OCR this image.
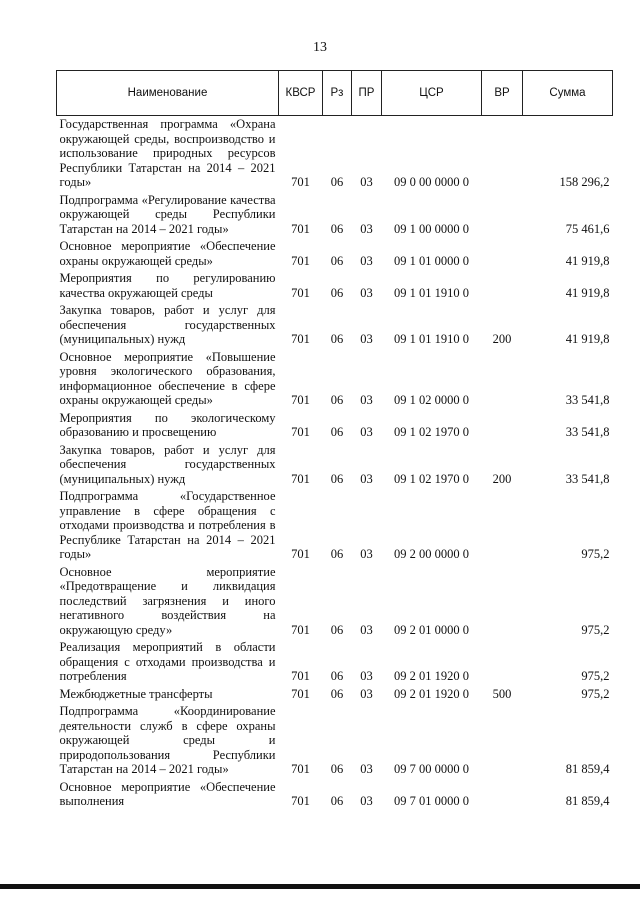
13
Наименование	КВСР	Рз	ПР	ЦСР	ВР	Сумма
Государственная программа «Охрана окружающей среды, воспроизводство и использование природных ресурсов Республики Татарстан на 2014 – 2021 годы»	701	06	03	09 0 00 0000 0		158 296,2
Подпрограмма «Регулирование качества окружающей среды Республики Татарстан на 2014 – 2021 годы»	701	06	03	09 1 00 0000 0		75 461,6
Основное мероприятие «Обеспечение охраны окружающей среды»	701	06	03	09 1 01 0000 0		41 919,8
Мероприятия по регулированию качества окружающей среды	701	06	03	09 1 01 1910 0		41 919,8
Закупка товаров, работ и услуг для обеспечения государственных (муниципальных) нужд	701	06	03	09 1 01 1910 0	200	41 919,8
Основное мероприятие «Повышение уровня экологического образования, информационное обеспечение в сфере охраны окружающей среды»	701	06	03	09 1 02 0000 0		33 541,8
Мероприятия по экологическому образованию и просвещению	701	06	03	09 1 02 1970 0		33 541,8
Закупка товаров, работ и услуг для обеспечения государственных (муниципальных) нужд	701	06	03	09 1 02 1970 0	200	33 541,8
Подпрограмма «Государственное управление в сфере обращения с отходами производства и потребления в Республике Татарстан на 2014 – 2021 годы»	701	06	03	09 2 00 0000 0		975,2
Основное мероприятие «Предотвращение и ликвидация последствий загрязнения и иного негативного воздействия на окружающую среду»	701	06	03	09 2 01 0000 0		975,2
Реализация мероприятий в области обращения с отходами производства и потребления	701	06	03	09 2 01 1920 0		975,2
Межбюджетные трансферты	701	06	03	09 2 01 1920 0	500	975,2
Подпрограмма «Координирование деятельности служб в сфере охраны окружающей среды и природопользования Республики Татарстан на 2014 – 2021 годы»	701	06	03	09 7 00 0000 0		81 859,4
Основное мероприятие «Обеспечение выполнения	701	06	03	09 7 01 0000 0		81 859,4
